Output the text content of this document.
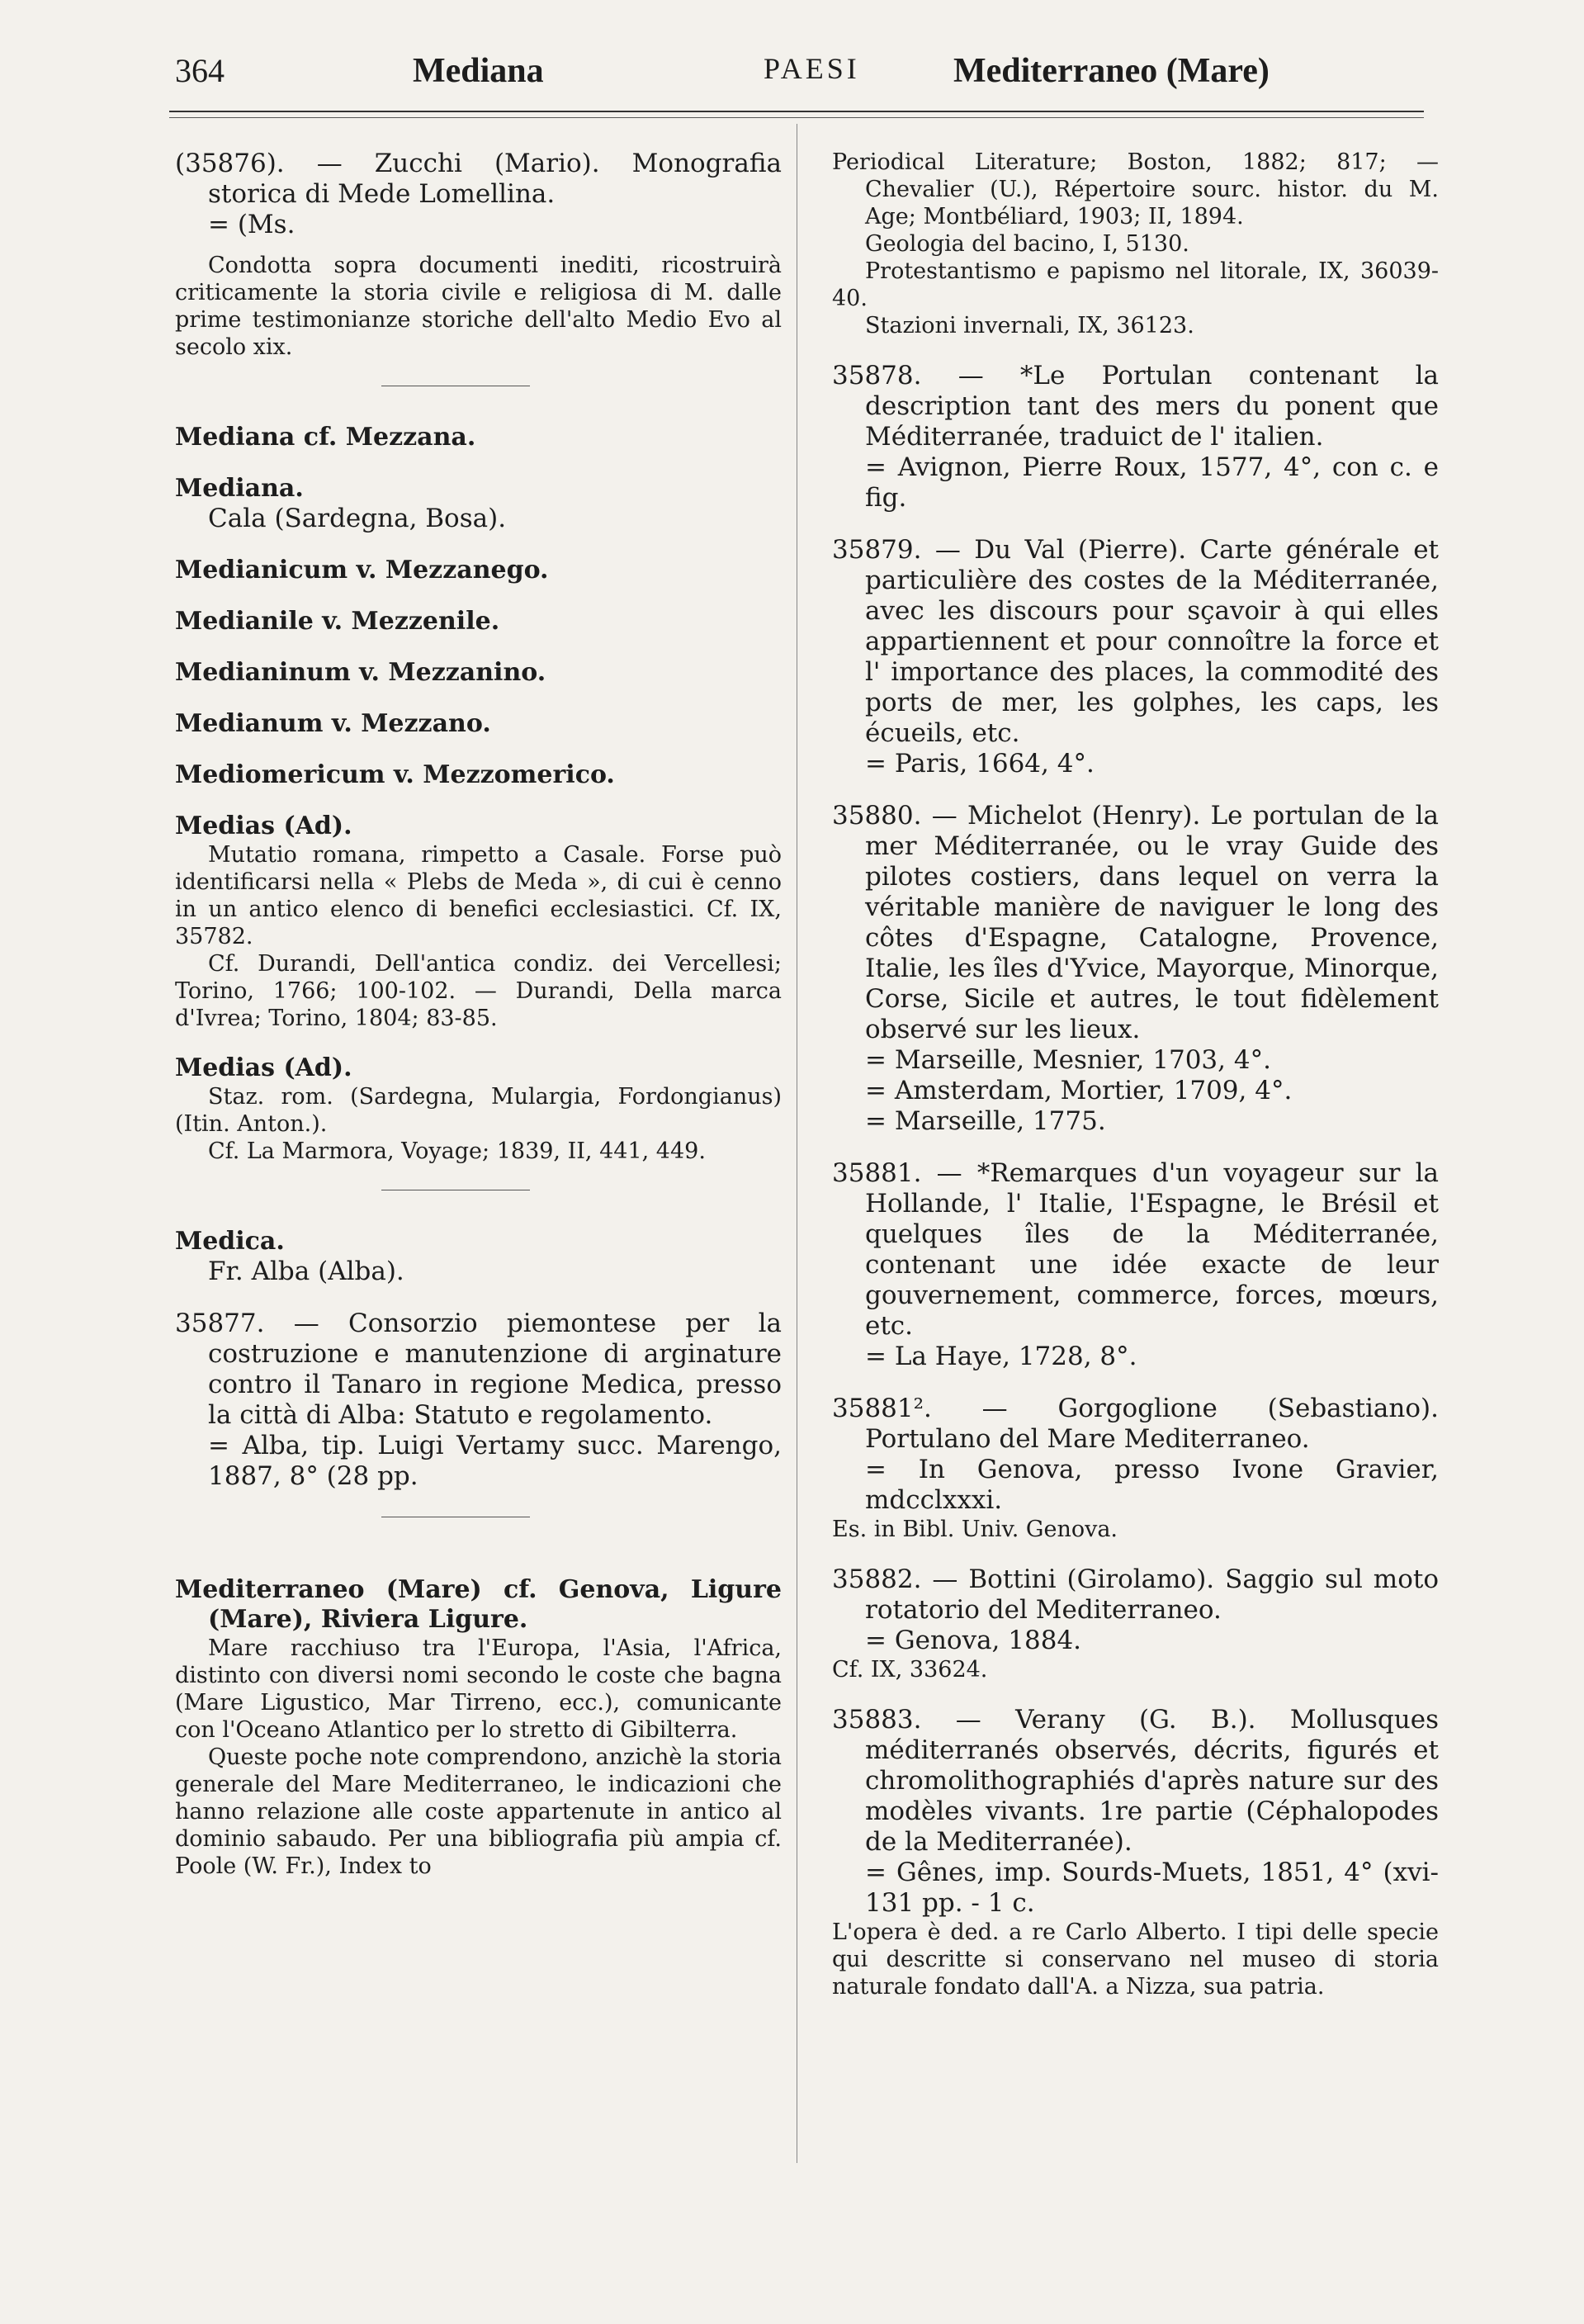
364	Mediana	PAESI	Mediterraneo (Mare)

(35876). — Zucchi (Mario). Monografia storica di Mede Lomellina.

= (Ms.

Condotta sopra documenti inediti, ricostruirà criticamente la storia civile e religiosa di M. dalle prime testimonianze storiche dell'alto Medio Evo al secolo xix.

Mediana cf. Mezzana.

Mediana.

Cala (Sardegna, Bosa).

Medianicum v. Mezzanego.

Medianile v. Mezzenile.

Medianinum v. Mezzanino.

Medianum v. Mezzano.

Mediomericum v. Mezzomerico.

Medias (Ad).

Mutatio romana, rimpetto a Casale. Forse può identificarsi nella « Plebs de Meda », di cui è cenno in un antico elenco di benefici ecclesiastici. Cf. IX, 35782.

Cf. Durandi, Dell'antica condiz. dei Vercellesi; Torino, 1766; 100-102. — Durandi, Della marca d'Ivrea; Torino, 1804; 83-85.

Medias (Ad).

Staz. rom. (Sardegna, Mulargia, Fordongianus) (Itin. Anton.).

Cf. La Marmora, Voyage; 1839, II, 441, 449.

Medica.

Fr. Alba (Alba).

35877. — Consorzio piemontese per la costruzione e manutenzione di arginature contro il Tanaro in regione Medica, presso la città di Alba: Statuto e regolamento.

= Alba, tip. Luigi Vertamy succ. Marengo, 1887, 8° (28 pp.

Mediterraneo (Mare) cf. Genova, Ligure (Mare), Riviera Ligure.

Mare racchiuso tra l'Europa, l'Asia, l'Africa, distinto con diversi nomi secondo le coste che bagna (Mare Ligustico, Mar Tirreno, ecc.), comunicante con l'Oceano Atlantico per lo stretto di Gibilterra.

Queste poche note comprendono, anzichè la storia generale del Mare Mediterraneo, le indicazioni che hanno relazione alle coste appartenute in antico al dominio sabaudo. Per una bibliografia più ampia cf. Poole (W. Fr.), Index to

Periodical Literature; Boston, 1882; 817; — Chevalier (U.), Répertoire sourc. histor. du M. Age; Montbéliard, 1903; II, 1894.

Geologia del bacino, I, 5130.

Protestantismo e papismo nel litorale, IX, 36039-40.

Stazioni invernali, IX, 36123.

35878. — *Le Portulan contenant la description tant des mers du ponent que Méditerranée, traduict de l' italien.

= Avignon, Pierre Roux, 1577, 4°, con c. e fig.

35879. — Du Val (Pierre). Carte générale et particulière des costes de la Méditerranée, avec les discours pour sçavoir à qui elles appartiennent et pour connoître la force et l' importance des places, la commodité des ports de mer, les golphes, les caps, les écueils, etc.

= Paris, 1664, 4°.

35880. — Michelot (Henry). Le portulan de la mer Méditerranée, ou le vray Guide des pilotes costiers, dans lequel on verra la véritable manière de naviguer le long des côtes d'Espagne, Catalogne, Provence, Italie, les îles d'Yvice, Mayorque, Minorque, Corse, Sicile et autres, le tout fidèlement observé sur les lieux.

= Marseille, Mesnier, 1703, 4°.

= Amsterdam, Mortier, 1709, 4°.

= Marseille, 1775.

35881. — *Remarques d'un voyageur sur la Hollande, l' Italie, l'Espagne, le Brésil et quelques îles de la Méditerranée, contenant une idée exacte de leur gouvernement, commerce, forces, mœurs, etc.

= La Haye, 1728, 8°.

35881². — Gorgoglione (Sebastiano). Portulano del Mare Mediterraneo.

= In Genova, presso Ivone Gravier, mdcclxxxi.

Es. in Bibl. Univ. Genova.

35882. — Bottini (Girolamo). Saggio sul moto rotatorio del Mediterraneo.

= Genova, 1884.

Cf. IX, 33624.

35883. — Verany (G. B.). Mollusques méditerranés observés, décrits, figurés et chromolithographiés d'après nature sur des modèles vivants. 1re partie (Céphalopodes de la Mediterranée).

= Gênes, imp. Sourds-Muets, 1851, 4° (xvi-131 pp. - 1 c.

L'opera è ded. a re Carlo Alberto. I tipi delle specie qui descritte si conservano nel museo di storia naturale fondato dall'A. a Nizza, sua patria.
